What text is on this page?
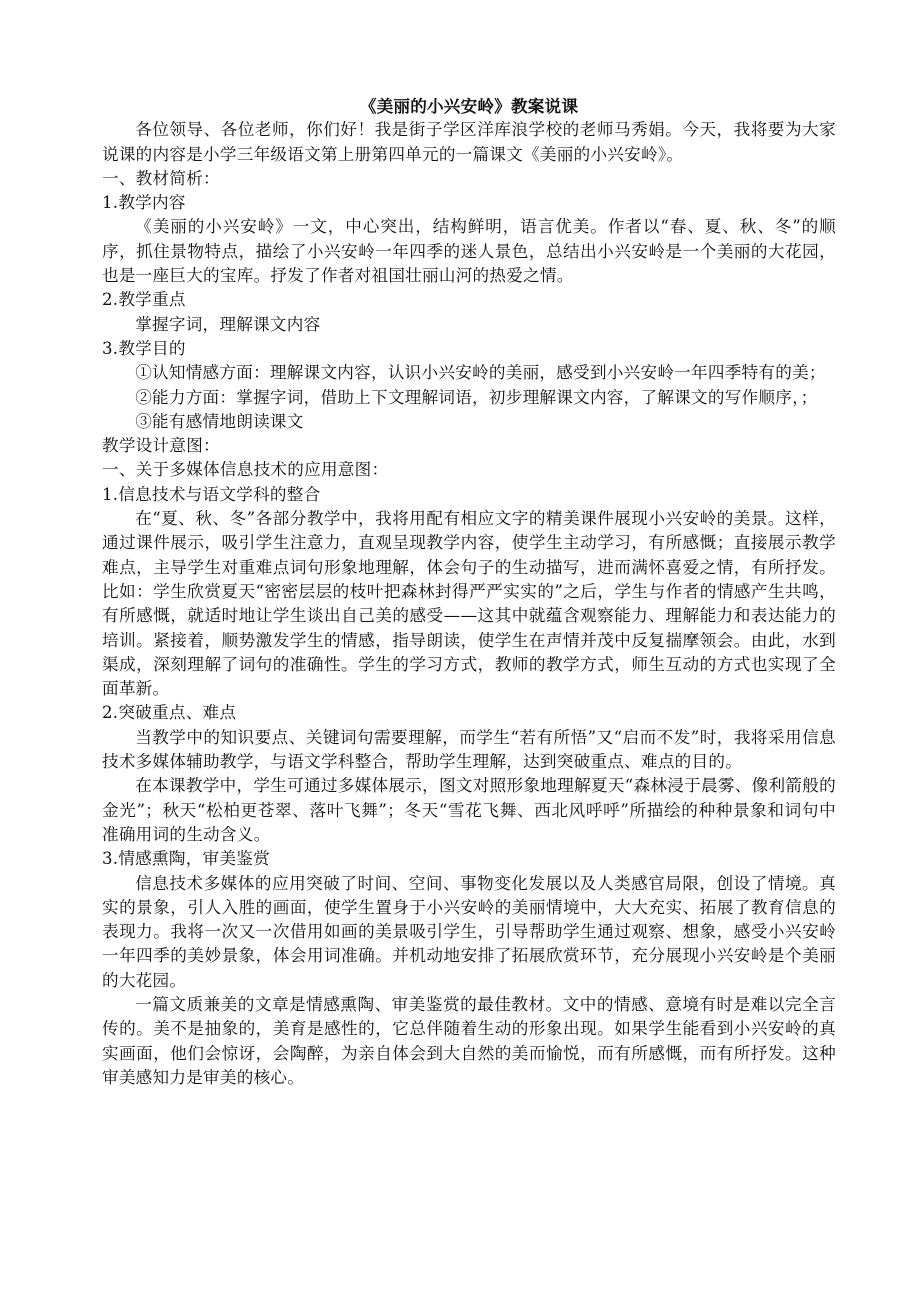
《美丽的小兴安岭》教案说课

各位领导、各位老师，你们好！我是街子学区洋库浪学校的老师马秀娟。今天，我将要为大家说课的内容是小学三年级语文第上册第四单元的一篇课文《美丽的小兴安岭》。

一、教材简析：

1.教学内容

《美丽的小兴安岭》一文，中心突出，结构鲜明，语言优美。作者以“春、夏、秋、冬”的顺序，抓住景物特点，描绘了小兴安岭一年四季的迷人景色，总结出小兴安岭是一个美丽的大花园，也是一座巨大的宝库。抒发了作者对祖国壮丽山河的热爱之情。

2.教学重点

掌握字词，理解课文内容

3.教学目的

①认知情感方面：理解课文内容，认识小兴安岭的美丽，感受到小兴安岭一年四季特有的美；

②能力方面：掌握字词，借助上下文理解词语，初步理解课文内容，了解课文的写作顺序，；

③能有感情地朗读课文

教学设计意图：

一、关于多媒体信息技术的应用意图：

1.信息技术与语文学科的整合

在“夏、秋、冬”各部分教学中，我将用配有相应文字的精美课件展现小兴安岭的美景。这样，通过课件展示，吸引学生注意力，直观呈现教学内容，使学生主动学习，有所感慨；直接展示教学难点，主导学生对重难点词句形象地理解，体会句子的生动描写，进而满怀喜爱之情，有所抒发。比如：学生欣赏夏天“密密层层的枝叶把森林封得严严实实的”之后，学生与作者的情感产生共鸣，有所感慨，就适时地让学生谈出自己美的感受——这其中就蕴含观察能力、理解能力和表达能力的培训。紧接着，顺势激发学生的情感，指导朗读，使学生在声情并茂中反复揣摩领会。由此，水到渠成，深刻理解了词句的准确性。学生的学习方式，教师的教学方式，师生互动的方式也实现了全面革新。

2.突破重点、难点

当教学中的知识要点、关键词句需要理解，而学生“若有所悟”又“启而不发”时，我将采用信息技术多媒体辅助教学，与语文学科整合，帮助学生理解，达到突破重点、难点的目的。

在本课教学中，学生可通过多媒体展示，图文对照形象地理解夏天“森林浸于晨雾、像利箭般的金光”；秋天“松柏更苍翠、落叶飞舞”；冬天“雪花飞舞、西北风呼呼”所描绘的种种景象和词句中准确用词的生动含义。

3.情感熏陶，审美鉴赏

信息技术多媒体的应用突破了时间、空间、事物变化发展以及人类感官局限，创设了情境。真实的景象，引人入胜的画面，使学生置身于小兴安岭的美丽情境中，大大充实、拓展了教育信息的表现力。我将一次又一次借用如画的美景吸引学生，引导帮助学生通过观察、想象，感受小兴安岭一年四季的美妙景象，体会用词准确。并机动地安排了拓展欣赏环节，充分展现小兴安岭是个美丽的大花园。

一篇文质兼美的文章是情感熏陶、审美鉴赏的最佳教材。文中的情感、意境有时是难以完全言传的。美不是抽象的，美育是感性的，它总伴随着生动的形象出现。如果学生能看到小兴安岭的真实画面，他们会惊讶，会陶醉，为亲自体会到大自然的美而愉悦，而有所感慨，而有所抒发。这种审美感知力是审美的核心。
